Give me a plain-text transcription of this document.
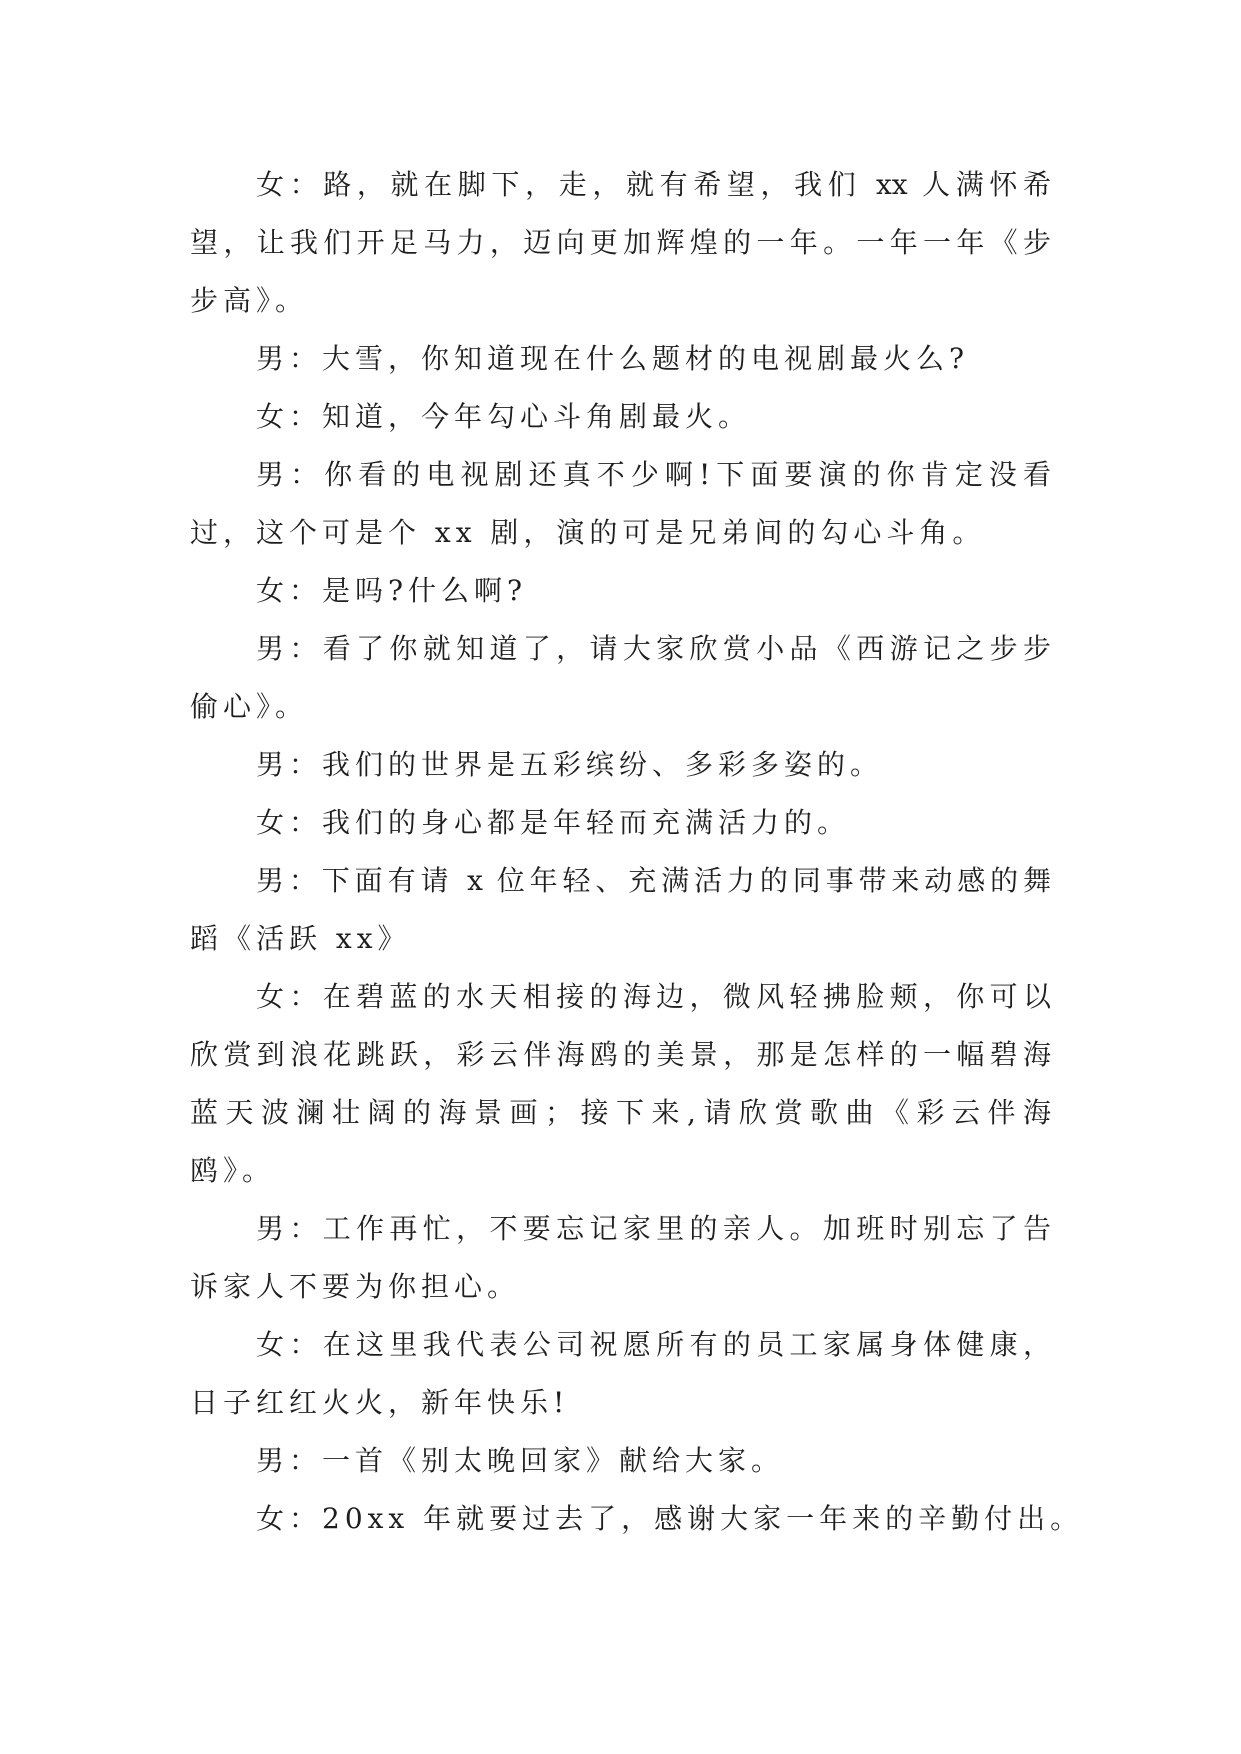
女：路，就在脚下，走，就有希望，我们 xx 人满怀希
望，让我们开足马力，迈向更加辉煌的一年。一年一年《步
步高》。
男：大雪，你知道现在什么题材的电视剧最火么?
女：知道，今年勾心斗角剧最火。
男：你看的电视剧还真不少啊!下面要演的你肯定没看
过，这个可是个 xx 剧，演的可是兄弟间的勾心斗角。
女：是吗?什么啊?
男：看了你就知道了，请大家欣赏小品《西游记之步步
偷心》。
男：我们的世界是五彩缤纷、多彩多姿的。
女：我们的身心都是年轻而充满活力的。
男：下面有请 x 位年轻、充满活力的同事带来动感的舞
蹈《活跃 xx》
女：在碧蓝的水天相接的海边，微风轻拂脸颊，你可以
欣赏到浪花跳跃，彩云伴海鸥的美景，那是怎样的一幅碧海
蓝天波澜壮阔的海景画；接下来,请欣赏歌曲《彩云伴海
鸥》。
男：工作再忙，不要忘记家里的亲人。加班时别忘了告
诉家人不要为你担心。
女：在这里我代表公司祝愿所有的员工家属身体健康，
日子红红火火，新年快乐!
男：一首《别太晚回家》献给大家。
女：20xx 年就要过去了，感谢大家一年来的辛勤付出。
